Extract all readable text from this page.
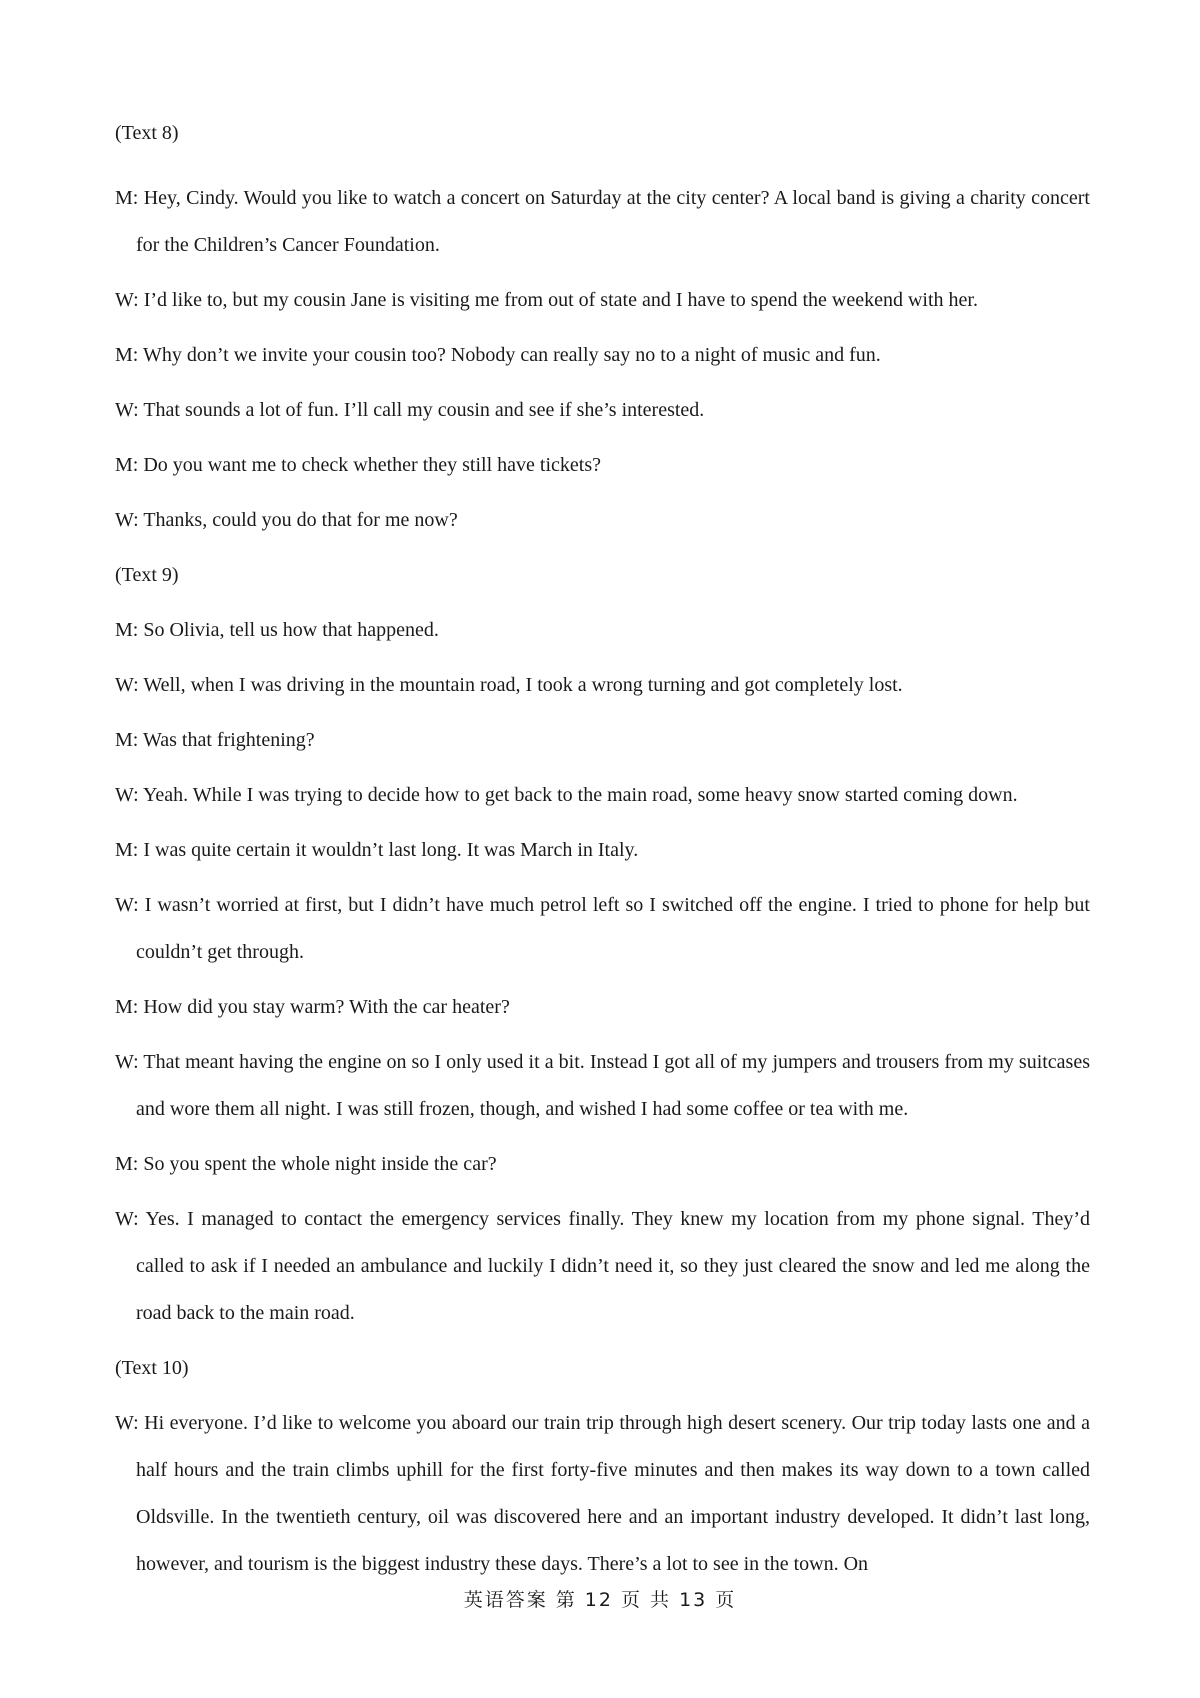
(Text 8)
M: Hey, Cindy. Would you like to watch a concert on Saturday at the city center? A local band is giving a charity concert for the Children’s Cancer Foundation.
W: I’d like to, but my cousin Jane is visiting me from out of state and I have to spend the weekend with her.
M: Why don’t we invite your cousin too? Nobody can really say no to a night of music and fun.
W: That sounds a lot of fun. I’ll call my cousin and see if she’s interested.
M: Do you want me to check whether they still have tickets?
W: Thanks, could you do that for me now?
(Text 9)
M: So Olivia, tell us how that happened.
W: Well, when I was driving in the mountain road, I took a wrong turning and got completely lost.
M: Was that frightening?
W: Yeah. While I was trying to decide how to get back to the main road, some heavy snow started coming down.
M: I was quite certain it wouldn’t last long. It was March in Italy.
W: I wasn’t worried at first, but I didn’t have much petrol left so I switched off the engine. I tried to phone for help but couldn’t get through.
M: How did you stay warm? With the car heater?
W: That meant having the engine on so I only used it a bit. Instead I got all of my jumpers and trousers from my suitcases and wore them all night. I was still frozen, though, and wished I had some coffee or tea with me.
M: So you spent the whole night inside the car?
W: Yes. I managed to contact the emergency services finally. They knew my location from my phone signal. They’d called to ask if I needed an ambulance and luckily I didn’t need it, so they just cleared the snow and led me along the road back to the main road.
(Text 10)
W: Hi everyone. I’d like to welcome you aboard our train trip through high desert scenery. Our trip today lasts one and a half hours and the train climbs uphill for the first forty-five minutes and then makes its way down to a town called Oldsville. In the twentieth century, oil was discovered here and an important industry developed. It didn’t last long, however, and tourism is the biggest industry these days. There’s a lot to see in the town. On
英语答案 第 12 页 共 13 页
